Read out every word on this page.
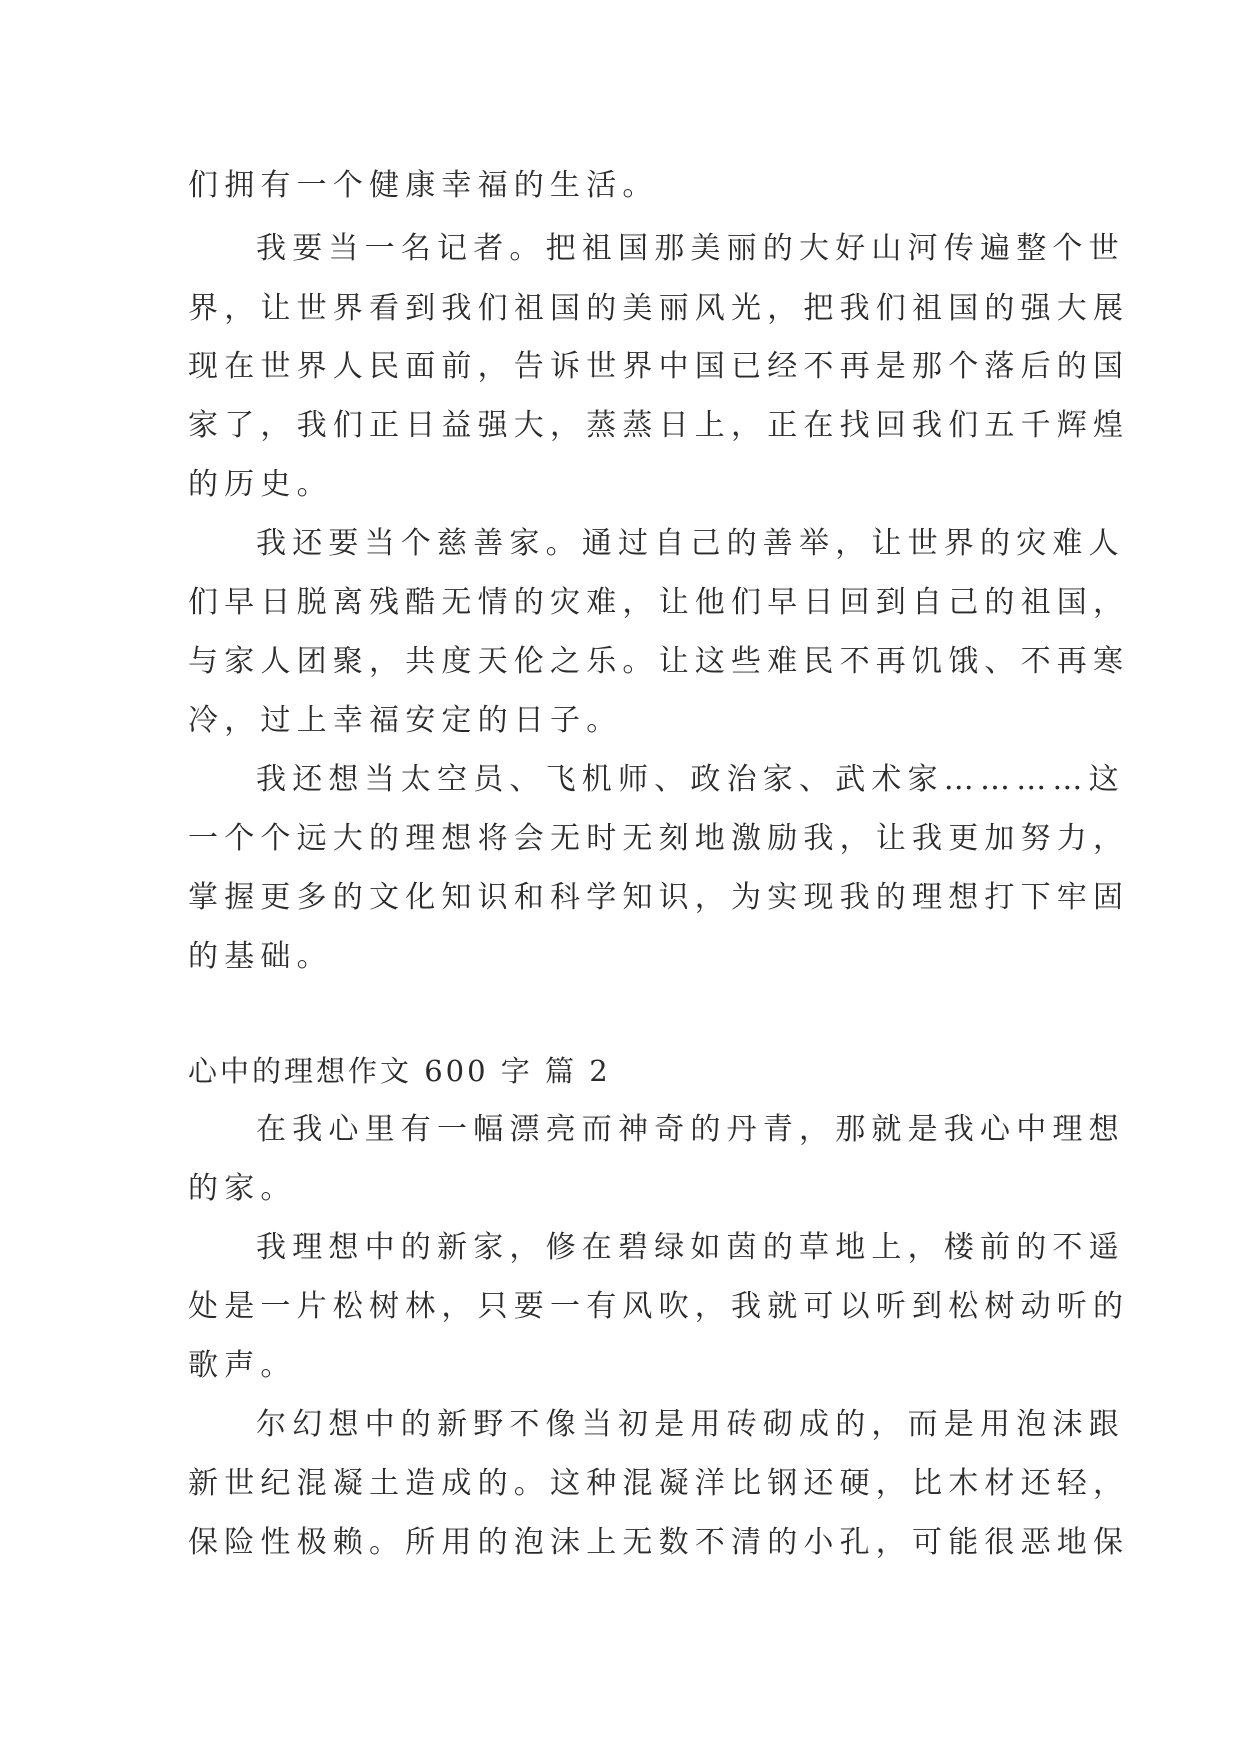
们拥有一个健康幸福的生活。
我要当一名记者。把祖国那美丽的大好山河传遍整个世
界，让世界看到我们祖国的美丽风光，把我们祖国的强大展
现在世界人民面前，告诉世界中国已经不再是那个落后的国
家了，我们正日益强大，蒸蒸日上，正在找回我们五千辉煌
的历史。
我还要当个慈善家。通过自己的善举，让世界的灾难人
们早日脱离残酷无情的灾难，让他们早日回到自己的祖国，
与家人团聚，共度天伦之乐。让这些难民不再饥饿、不再寒
冷，过上幸福安定的日子。
我还想当太空员、飞机师、政治家、武术家…………这
一个个远大的理想将会无时无刻地激励我，让我更加努力，
掌握更多的文化知识和科学知识，为实现我的理想打下牢固
的基础。
心中的理想作文 600 字 篇 2
在我心里有一幅漂亮而神奇的丹青，那就是我心中理想
的家。
我理想中的新家，修在碧绿如茵的草地上，楼前的不遥
处是一片松树林，只要一有风吹，我就可以听到松树动听的
歌声。
尔幻想中的新野不像当初是用砖砌成的，而是用泡沫跟
新世纪混凝土造成的。这种混凝洋比钢还硬，比木材还轻，
保险性极赖。所用的泡沫上无数不清的小孔，可能很恶地保
